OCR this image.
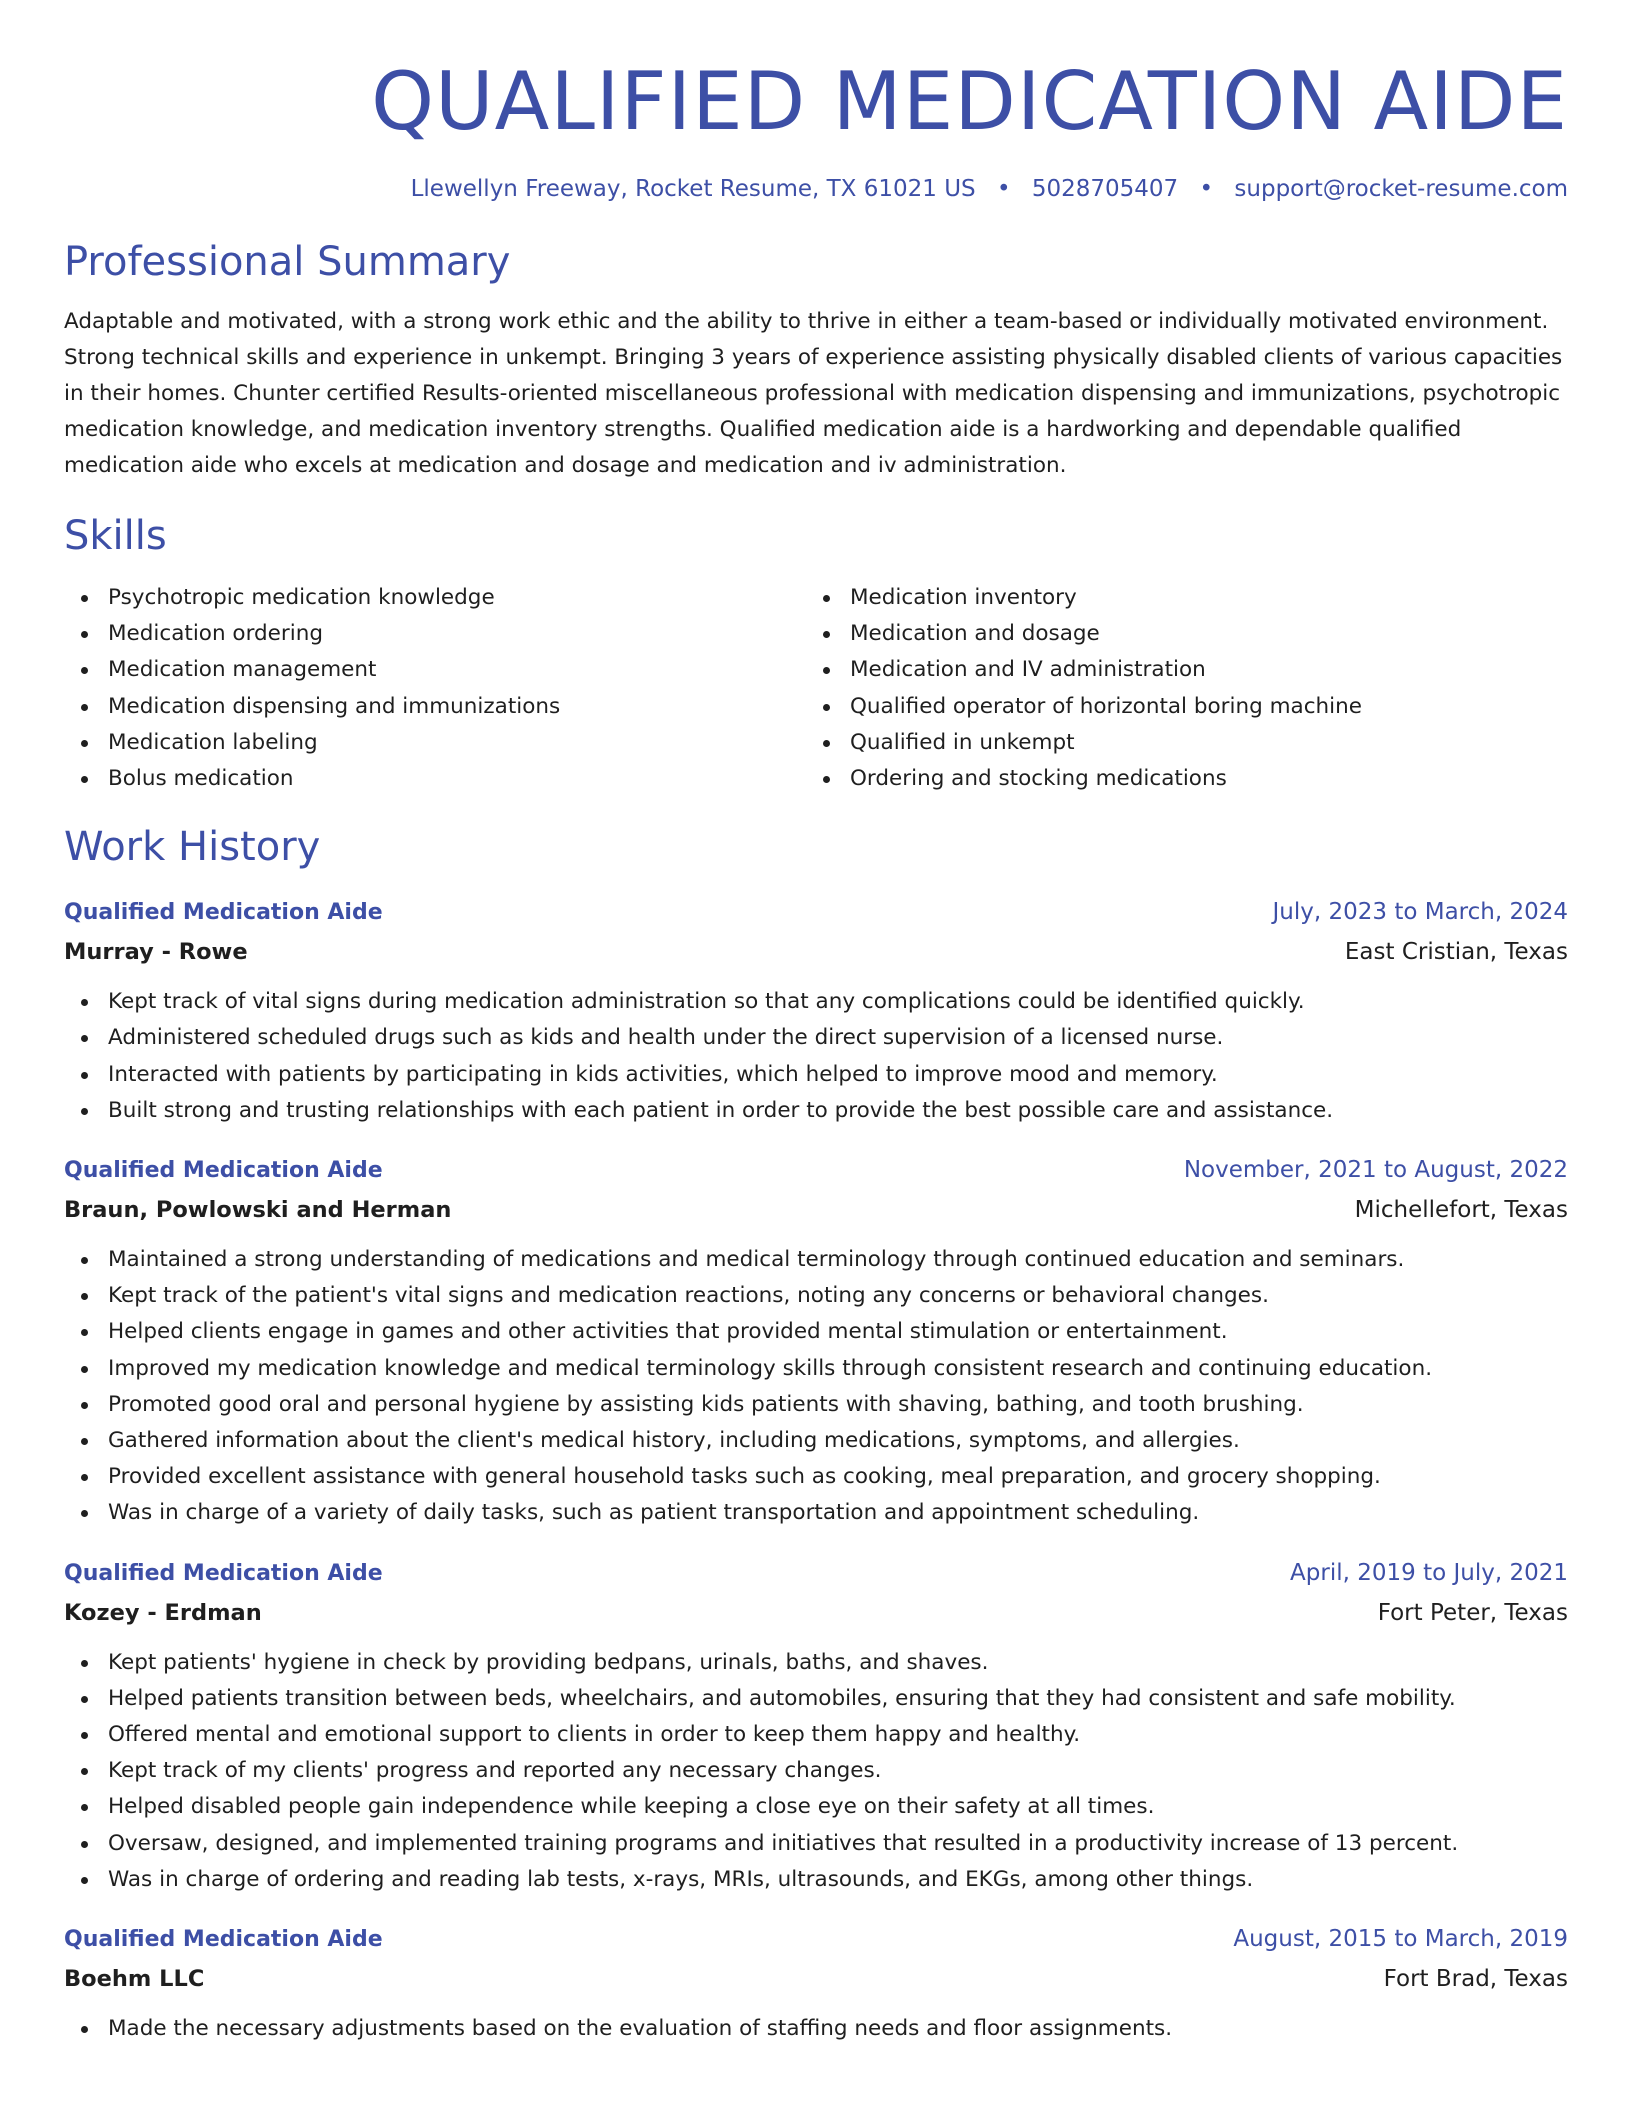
QUALIFIED MEDICATION AIDE
Llewellyn Freeway, Rocket Resume, TX 61021 US • 5028705407 • support@rocket-resume.com
Professional Summary

Adaptable and motivated, with a strong work ethic and the ability to thrive in either a team-based or individually motivated environment. Strong technical skills and experience in unkempt. Bringing 3 years of experience assisting physically disabled clients of various capacities in their homes. Chunter certified Results-oriented miscellaneous professional with medication dispensing and immunizations, psychotropic medication knowledge, and medication inventory strengths. Qualified medication aide is a hardworking and dependable qualified medication aide who excels at medication and dosage and medication and iv administration.

Skills
Psychotropic medication knowledge
Medication ordering
Medication management
Medication dispensing and immunizations
Medication labeling
Bolus medication
Medication inventory
Medication and dosage
Medication and IV administration
Qualified operator of horizontal boring machine
Qualified in unkempt
Ordering and stocking medications
Work History
Qualified Medication Aide	July, 2023 to March, 2024
Murray - Rowe	East Cristian, Texas
Kept track of vital signs during medication administration so that any complications could be identified quickly.
Administered scheduled drugs such as kids and health under the direct supervision of a licensed nurse.
Interacted with patients by participating in kids activities, which helped to improve mood and memory.
Built strong and trusting relationships with each patient in order to provide the best possible care and assistance.
Qualified Medication Aide	November, 2021 to August, 2022
Braun, Powlowski and Herman	Michellefort, Texas
Maintained a strong understanding of medications and medical terminology through continued education and seminars.
Kept track of the patient's vital signs and medication reactions, noting any concerns or behavioral changes.
Helped clients engage in games and other activities that provided mental stimulation or entertainment.
Improved my medication knowledge and medical terminology skills through consistent research and continuing education.
Promoted good oral and personal hygiene by assisting kids patients with shaving, bathing, and tooth brushing.
Gathered information about the client's medical history, including medications, symptoms, and allergies.
Provided excellent assistance with general household tasks such as cooking, meal preparation, and grocery shopping.
Was in charge of a variety of daily tasks, such as patient transportation and appointment scheduling.
Qualified Medication Aide	April, 2019 to July, 2021
Kozey - Erdman	Fort Peter, Texas
Kept patients' hygiene in check by providing bedpans, urinals, baths, and shaves.
Helped patients transition between beds, wheelchairs, and automobiles, ensuring that they had consistent and safe mobility.
Offered mental and emotional support to clients in order to keep them happy and healthy.
Kept track of my clients' progress and reported any necessary changes.
Helped disabled people gain independence while keeping a close eye on their safety at all times.
Oversaw, designed, and implemented training programs and initiatives that resulted in a productivity increase of 13 percent.
Was in charge of ordering and reading lab tests, x-rays, MRIs, ultrasounds, and EKGs, among other things.
Qualified Medication Aide	August, 2015 to March, 2019
Boehm LLC	Fort Brad, Texas
Made the necessary adjustments based on the evaluation of staffing needs and floor assignments.
